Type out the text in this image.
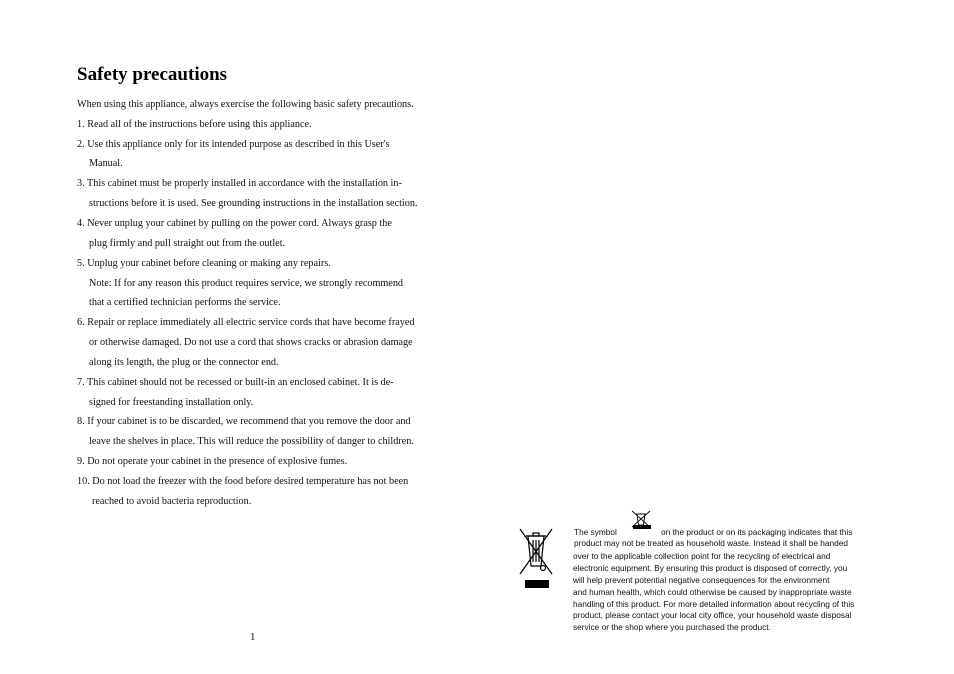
Safety precautions
When using this appliance, always exercise the following basic safety precautions.
1. Read all of the instructions before using this appliance.
2. Use this appliance only for its intended purpose as described in this User's
Manual.
3. This cabinet must be properly installed in accordance with the installation in-
structions before it is used. See grounding instructions in the installation section.
4. Never unplug your cabinet by pulling on the power cord. Always grasp the
plug firmly and pull straight out from the outlet.
5. Unplug your cabinet before cleaning or making any repairs.
Note: If for any reason this product requires service, we strongly recommend
that a certified technician performs the service.
6. Repair or replace immediately all electric service cords that have become frayed
or otherwise damaged. Do not use a cord that shows cracks or abrasion damage
along its length, the plug or the connector end.
7. This cabinet should not be recessed or built-in an enclosed cabinet. It is de-
signed for freestanding installation only.
8. If your cabinet is to be discarded, we recommend that you remove the door and
leave the shelves in place. This will reduce the possibility of danger to children.
9. Do not operate your cabinet in the presence of explosive fumes.
10. Do not load the freezer with the food before desired temperature has not been
reached to avoid bacteria reproduction.
1
The symbol	on the product or on its packaging indicates that this
product may not be treated as household waste. Instead it shall be handed
over to the applicable collection point for the recycling of electrical and
electronic equipment. By ensuring this product is disposed of correctly, you
will help prevent potential negative consequences for the environment
and human health, which could otherwise be caused by inappropriate waste
handling of this product. For more detailed information about recycling of this
product, please contact your local city office, your household waste disposal
service or the shop where you purchased the product.
